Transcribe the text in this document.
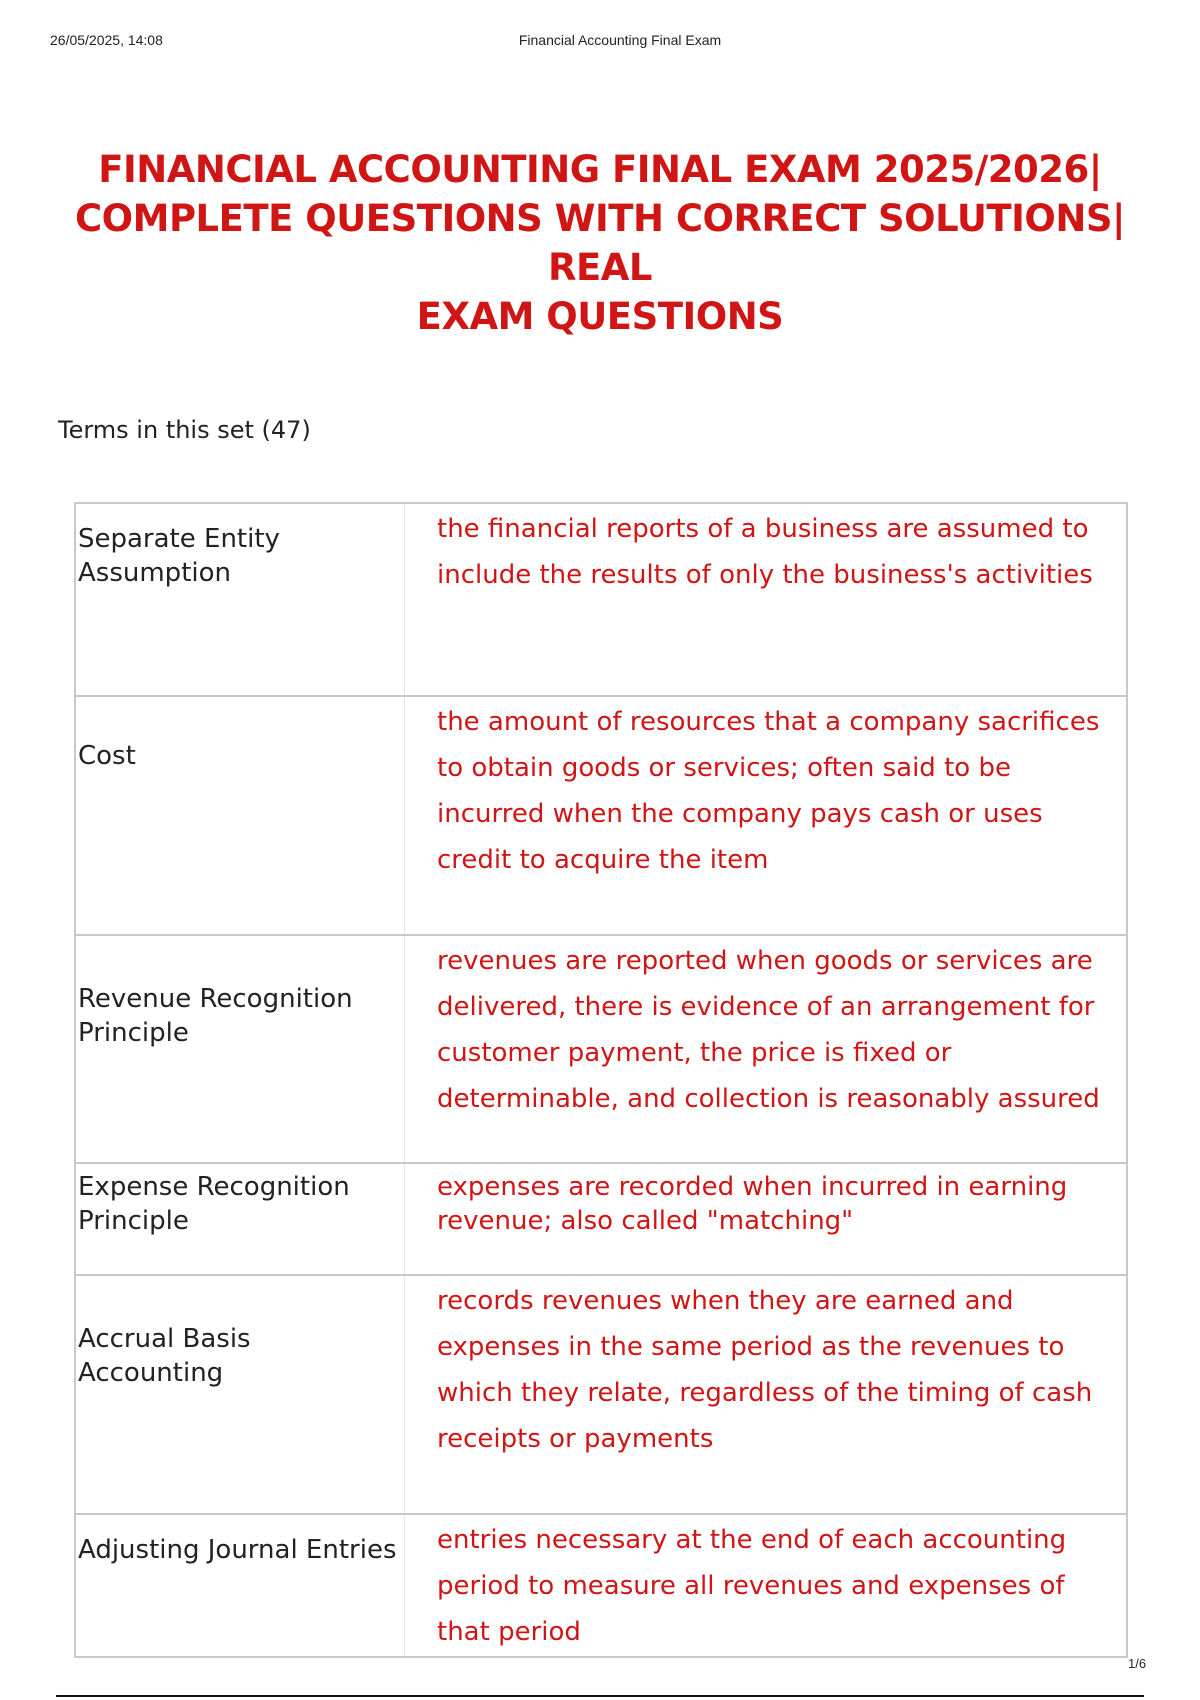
26/05/2025, 14:08	Financial Accounting Final Exam
FINANCIAL ACCOUNTING FINAL EXAM 2025/2026|
COMPLETE QUESTIONS WITH CORRECT SOLUTIONS| REAL
EXAM QUESTIONS
Terms in this set (47)
Separate Entity Assumption	the financial reports of a business are assumed to include the results of only the business's activities
Cost	the amount of resources that a company sacrifices to obtain goods or services; often said to be incurred when the company pays cash or uses credit to acquire the item
Revenue Recognition Principle	revenues are reported when goods or services are delivered, there is evidence of an arrangement for customer payment, the price is fixed or determinable, and collection is reasonably assured
Expense Recognition Principle	expenses are recorded when incurred in earning revenue; also called "matching"
Accrual Basis Accounting	records revenues when they are earned and expenses in the same period as the revenues to which they relate, regardless of the timing of cash receipts or payments
Adjusting Journal Entries	entries necessary at the end of each accounting period to measure all revenues and expenses of that period
1/6
